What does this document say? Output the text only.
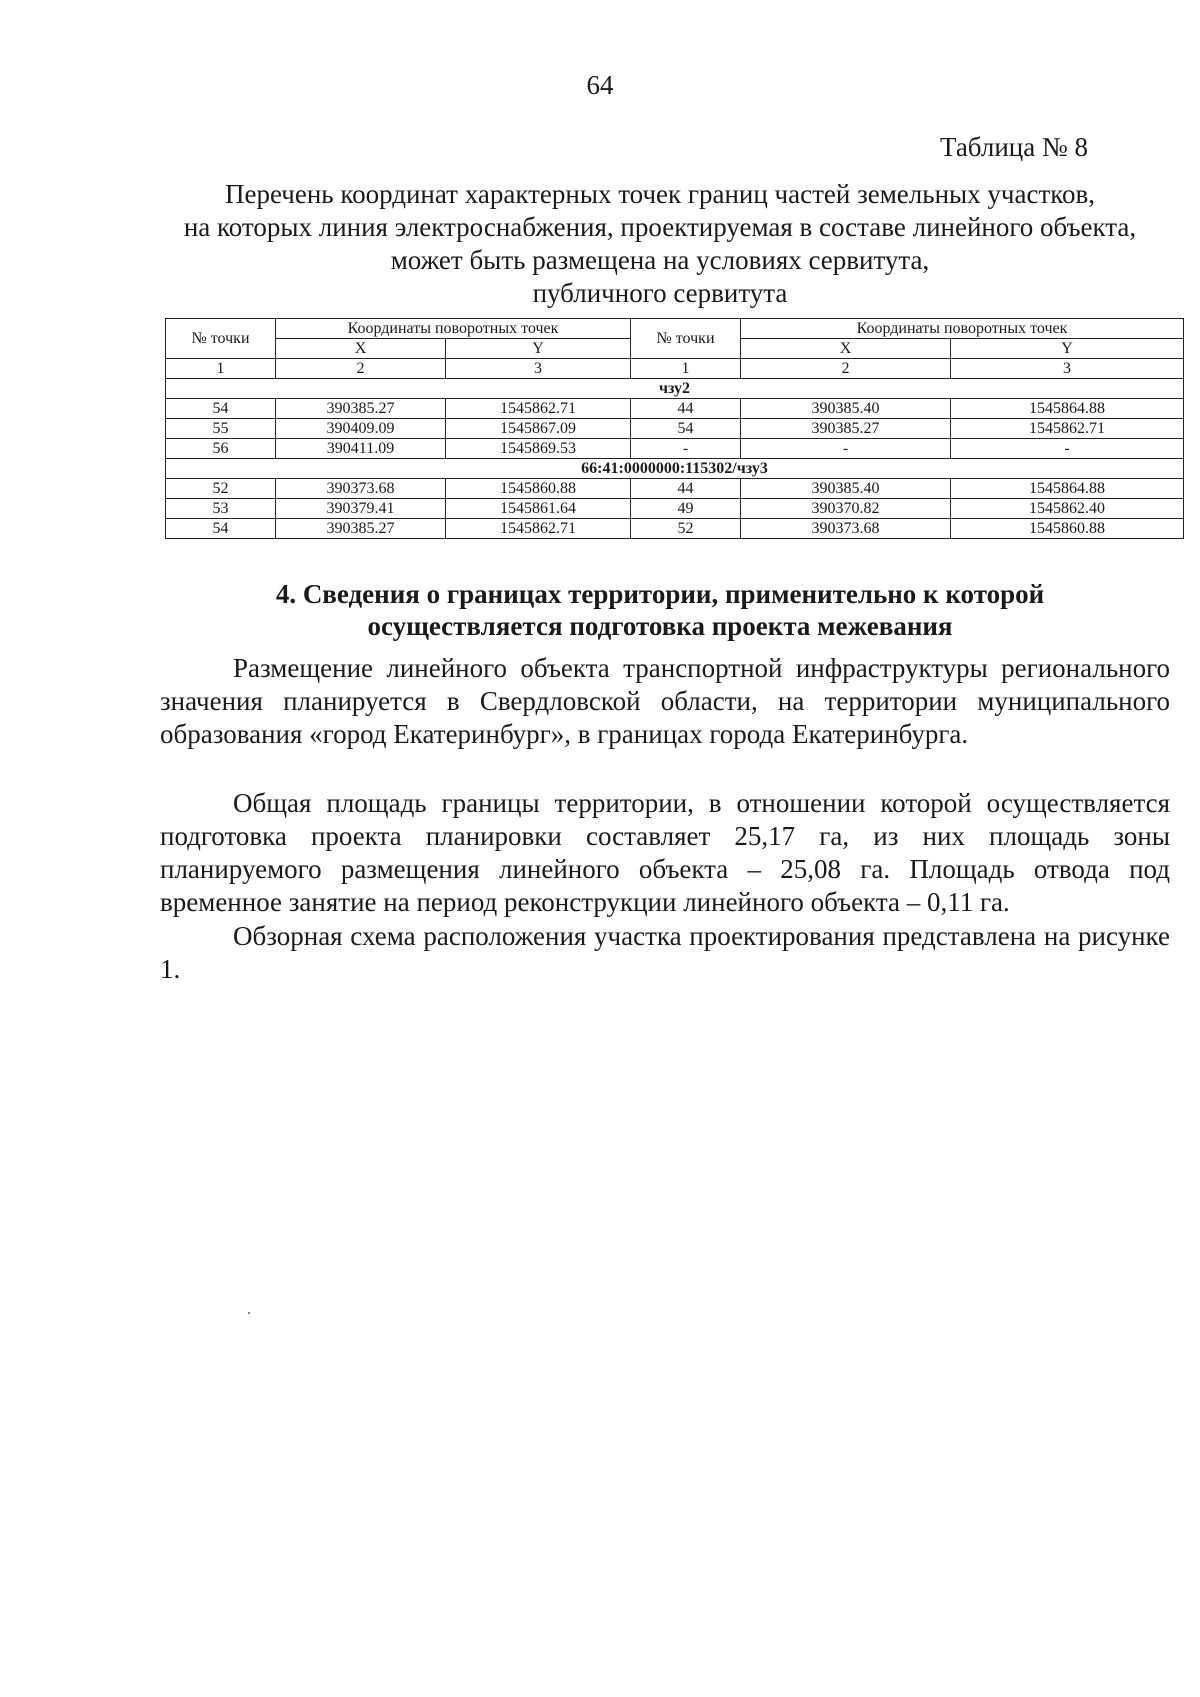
64
Таблица № 8
Перечень координат характерных точек границ частей земельных участков,
на которых линия электроснабжения, проектируемая в составе линейного объекта,
может быть размещена на условиях сервитута,
публичного сервитута
№ точки	Координаты поворотных точек		№ точки	Координаты поворотных точек	
	X	Y		X	Y
1	2	3	1	2	3
чзу2					
54	390385.27	1545862.71	44	390385.40	1545864.88
55	390409.09	1545867.09	54	390385.27	1545862.71
56	390411.09	1545869.53	-	-	-
66:41:0000000:115302/чзу3					
52	390373.68	1545860.88	44	390385.40	1545864.88
53	390379.41	1545861.64	49	390370.82	1545862.40
54	390385.27	1545862.71	52	390373.68	1545860.88
4. Сведения о границах территории, применительно к которой
осуществляется подготовка проекта межевания
Размещение линейного объекта транспортной инфраструктуры регионального значения планируется в Свердловской области, на территории муниципального образования «город Екатеринбург», в границах города Екатеринбурга.
Общая площадь границы территории, в отношении которой осуществляется подготовка проекта планировки составляет 25,17 га, из них площадь зоны планируемого размещения линейного объекта – 25,08 га. Площадь отвода под временное занятие на период реконструкции линейного объекта – 0,11 га.
Обзорная схема расположения участка проектирования представлена на рисунке 1.
